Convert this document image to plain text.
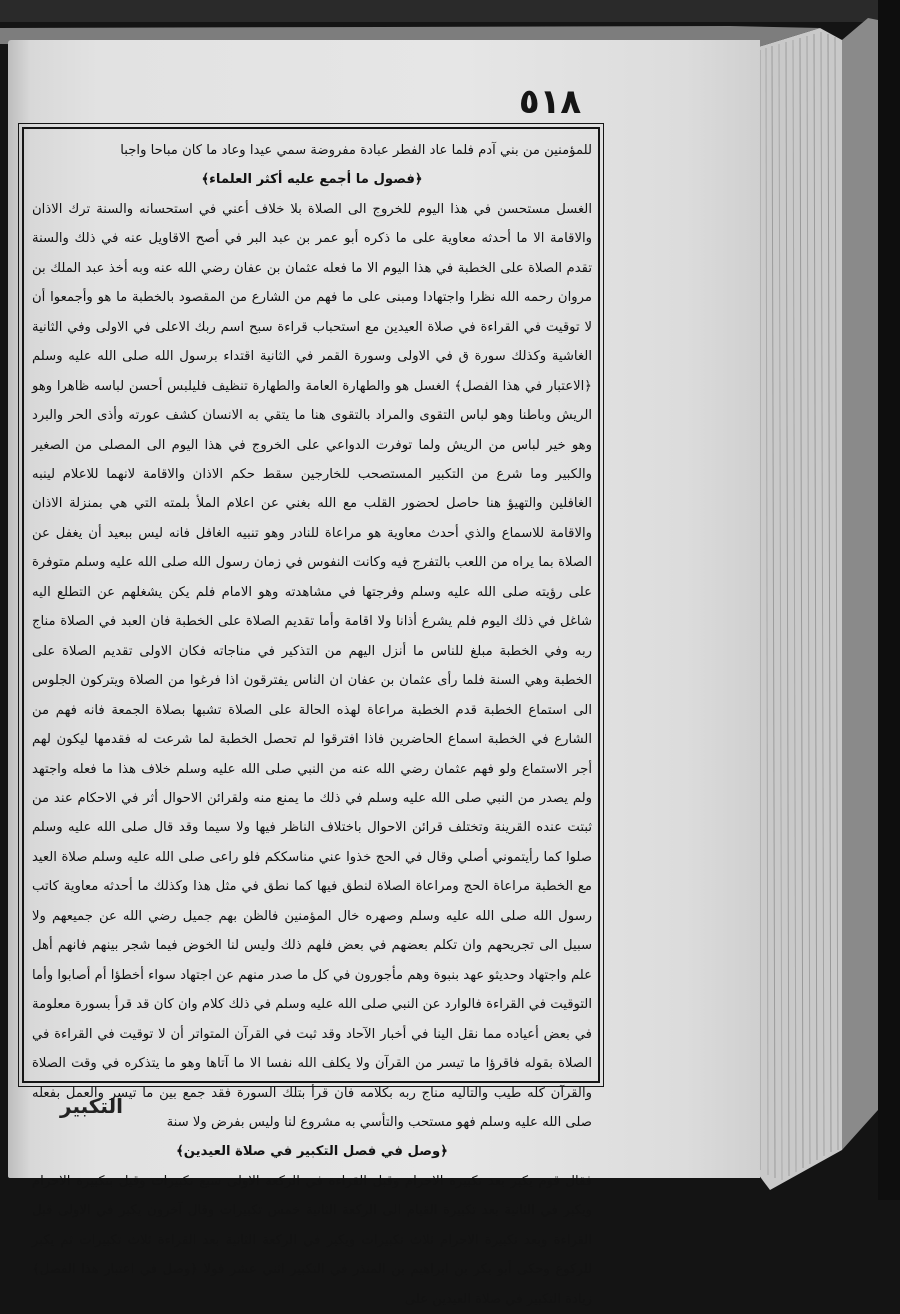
٥١٨

للمؤمنين من بني آدم فلما عاد الفطر عبادة مفروضة سمي عيدا وعاد ما كان مباحا واجبا

﴿فصول ما أجمع عليه أكثر العلماء﴾

الغسل مستحسن في هذا اليوم للخروج الى الصلاة بلا خلاف أعني في استحسانه والسنة ترك الاذان والاقامة الا ما أحدثه معاوية على ما ذكره أبو عمر بن عبد البر في أصح الاقاويل عنه في ذلك والسنة تقدم الصلاة على الخطبة في هذا اليوم الا ما فعله عثمان بن عفان رضي الله عنه وبه أخذ عبد الملك بن مروان رحمه الله نظرا واجتهادا ومبنى على ما فهم من الشارع من المقصود بالخطبة ما هو وأجمعوا أن لا توقيت في القراءة في صلاة العيدين مع استحباب قراءة سبح اسم ربك الاعلى في الاولى وفي الثانية الغاشية وكذلك سورة ق في الاولى وسورة القمر في الثانية اقتداء برسول الله صلى الله عليه وسلم ﴿الاعتبار في هذا الفصل﴾ الغسل هو والطهارة العامة والطهارة تنظيف فليلبس أحسن لباسه ظاهرا وهو الريش وباطنا وهو لباس التقوى والمراد بالتقوى هنا ما يتقي به الانسان كشف عورته وأذى الحر والبرد وهو خير لباس من الريش ولما توفرت الدواعي على الخروج في هذا اليوم الى المصلى من الصغير والكبير وما شرع من التكبير المستصحب للخارجين سقط حكم الاذان والاقامة لانهما للاعلام لينبه الغافلين والتهيؤ هنا حاصل لحضور القلب مع الله بغني عن اعلام الملأ بلمته التي هي بمنزلة الاذان والاقامة للاسماع والذي أحدث معاوية هو مراعاة للنادر وهو تنبيه الغافل فانه ليس ببعيد أن يغفل عن الصلاة بما يراه من اللعب بالتفرج فيه وكانت النفوس في زمان رسول الله صلى الله عليه وسلم متوفرة على رؤيته صلى الله عليه وسلم وفرجتها في مشاهدته وهو الامام فلم يكن يشغلهم عن التطلع اليه شاغل في ذلك اليوم فلم يشرع أذانا ولا اقامة وأما تقديم الصلاة على الخطبة فان العبد في الصلاة مناج ربه وفي الخطبة مبلغ للناس ما أنزل اليهم من التذكير في مناجاته فكان الاولى تقديم الصلاة على الخطبة وهي السنة فلما رأى عثمان بن عفان ان الناس يفترقون اذا فرغوا من الصلاة ويتركون الجلوس الى استماع الخطبة قدم الخطبة مراعاة لهذه الحالة على الصلاة تشبها بصلاة الجمعة فانه فهم من الشارع في الخطبة اسماع الحاضرين فاذا افترقوا لم تحصل الخطبة لما شرعت له فقدمها ليكون لهم أجر الاستماع ولو فهم عثمان رضي الله عنه من النبي صلى الله عليه وسلم خلاف هذا ما فعله واجتهد ولم يصدر من النبي صلى الله عليه وسلم في ذلك ما يمنع منه ولقرائن الاحوال أثر في الاحكام عند من ثبتت عنده القرينة وتختلف قرائن الاحوال باختلاف الناظر فيها ولا سيما وقد قال صلى الله عليه وسلم صلوا كما رأيتموني أصلي وقال في الحج خذوا عني مناسككم فلو راعى صلى الله عليه وسلم صلاة العيد مع الخطبة مراعاة الحج ومراعاة الصلاة لنطق فيها كما نطق في مثل هذا وكذلك ما أحدثه معاوية كاتب رسول الله صلى الله عليه وسلم وصهره خال المؤمنين فالظن بهم جميل رضي الله عن جميعهم ولا سبيل الى تجريحهم وان تكلم بعضهم في بعض فلهم ذلك وليس لنا الخوض فيما شجر بينهم فانهم أهل علم واجتهاد وحديثو عهد بنبوة وهم مأجورون في كل ما صدر منهم عن اجتهاد سواء أخطؤا أم أصابوا وأما التوقيت في القراءة فالوارد عن النبي صلى الله عليه وسلم في ذلك كلام وان كان قد قرأ بسورة معلومة في بعض أعياده مما نقل الينا في أخبار الآحاد وقد ثبت في القرآن المتواتر أن لا توقيت في القراءة في الصلاة بقوله فاقرؤا ما تيسر من القرآن ولا يكلف الله نفسا الا ما آتاها وهو ما يتذكره في وقت الصلاة والقرآن كله طيب والتاليه مناج ربه بكلامه فان قرأ بتلك السورة فقد جمع بين ما تيسر والعمل بفعله صلى الله عليه وسلم فهو مستحب والتأسي به مشروع لنا وليس بفرض ولا سنة

﴿وصل في فصل التكبير في صلاة العيدين﴾

فقال قوم يكبر بعد تكبيرة الاحرام وقبل القراءة في الركعة الاولى سبع تكبيرات وقيل بتكبيرة الاحرام ويكبر في الثانية بعد تكبيرة القيام الى الركعة الثانية خمس تكبيرات وقال آخرون يكبر في الاولى قبل القراءة وبعد تكبيرة الاحرام ثلاث تكبيرات ويكبر في الركعة الثانية بعد القراءة ثلاث تكبيرات ثم يكبر للركوع وحكى أبو بكر بن ابراهيم بن المنذر في التكبير اثني عشر قولا ﴿وصل في اعتبار هذا الفصل﴾ زيادة التكبير في صلاة العيدين على

التكبير
